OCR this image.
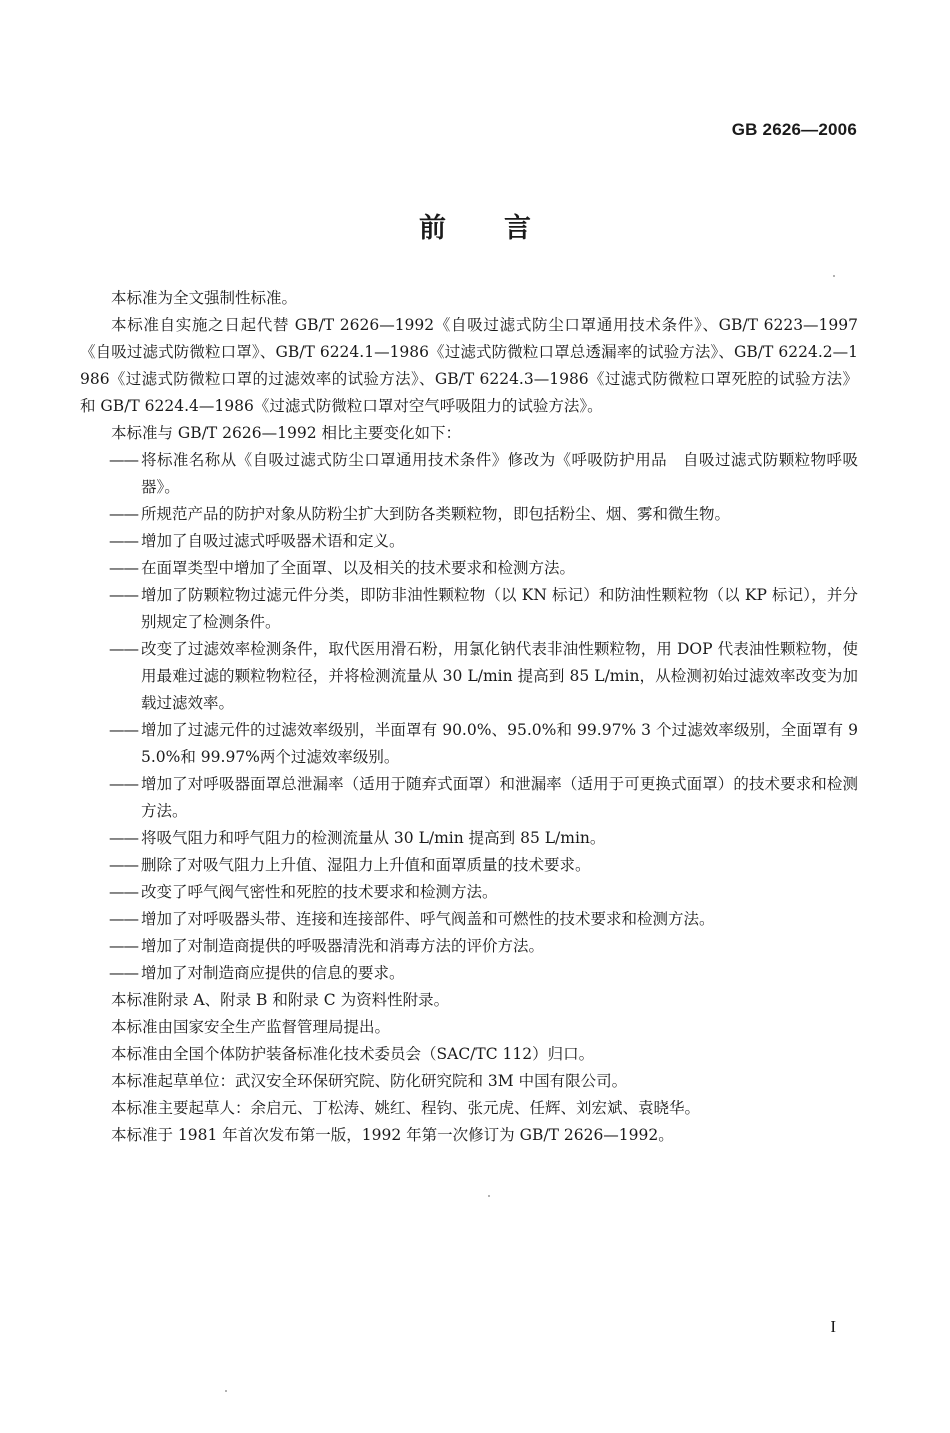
GB 2626—2006
前言

本标准为全文强制性标准。

本标准自实施之日起代替 GB/T 2626—1992《自吸过滤式防尘口罩通用技术条件》、GB/T 6223—1997《自吸过滤式防微粒口罩》、GB/T 6224.1—1986《过滤式防微粒口罩总透漏率的试验方法》、GB/T 6224.2—1986《过滤式防微粒口罩的过滤效率的试验方法》、GB/T 6224.3—1986《过滤式防微粒口罩死腔的试验方法》和 GB/T 6224.4—1986《过滤式防微粒口罩对空气呼吸阻力的试验方法》。

本标准与 GB/T 2626—1992 相比主要变化如下：

—— 将标准名称从《自吸过滤式防尘口罩通用技术条件》修改为《呼吸防护用品　自吸过滤式防颗粒物呼吸器》。
—— 所规范产品的防护对象从防粉尘扩大到防各类颗粒物，即包括粉尘、烟、雾和微生物。
—— 增加了自吸过滤式呼吸器术语和定义。
—— 在面罩类型中增加了全面罩、以及相关的技术要求和检测方法。
—— 增加了防颗粒物过滤元件分类，即防非油性颗粒物（以 KN 标记）和防油性颗粒物（以 KP 标记），并分别规定了检测条件。
—— 改变了过滤效率检测条件，取代医用滑石粉，用氯化钠代表非油性颗粒物，用 DOP 代表油性颗粒物，使用最难过滤的颗粒物粒径，并将检测流量从 30 L/min 提高到 85 L/min，从检测初始过滤效率改变为加载过滤效率。
—— 增加了过滤元件的过滤效率级别，半面罩有 90.0%、95.0%和 99.97% 3 个过滤效率级别，全面罩有 95.0%和 99.97%两个过滤效率级别。
—— 增加了对呼吸器面罩总泄漏率（适用于随弃式面罩）和泄漏率（适用于可更换式面罩）的技术要求和检测方法。
—— 将吸气阻力和呼气阻力的检测流量从 30 L/min 提高到 85 L/min。
—— 删除了对吸气阻力上升值、湿阻力上升值和面罩质量的技术要求。
—— 改变了呼气阀气密性和死腔的技术要求和检测方法。
—— 增加了对呼吸器头带、连接和连接部件、呼气阀盖和可燃性的技术要求和检测方法。
—— 增加了对制造商提供的呼吸器清洗和消毒方法的评价方法。
—— 增加了对制造商应提供的信息的要求。

本标准附录 A、附录 B 和附录 C 为资料性附录。

本标准由国家安全生产监督管理局提出。

本标准由全国个体防护装备标准化技术委员会（SAC/TC 112）归口。

本标准起草单位：武汉安全环保研究院、防化研究院和 3M 中国有限公司。

本标准主要起草人：余启元、丁松涛、姚红、程钧、张元虎、任辉、刘宏斌、袁晓华。

本标准于 1981 年首次发布第一版，1992 年第一次修订为 GB/T 2626—1992。

I
